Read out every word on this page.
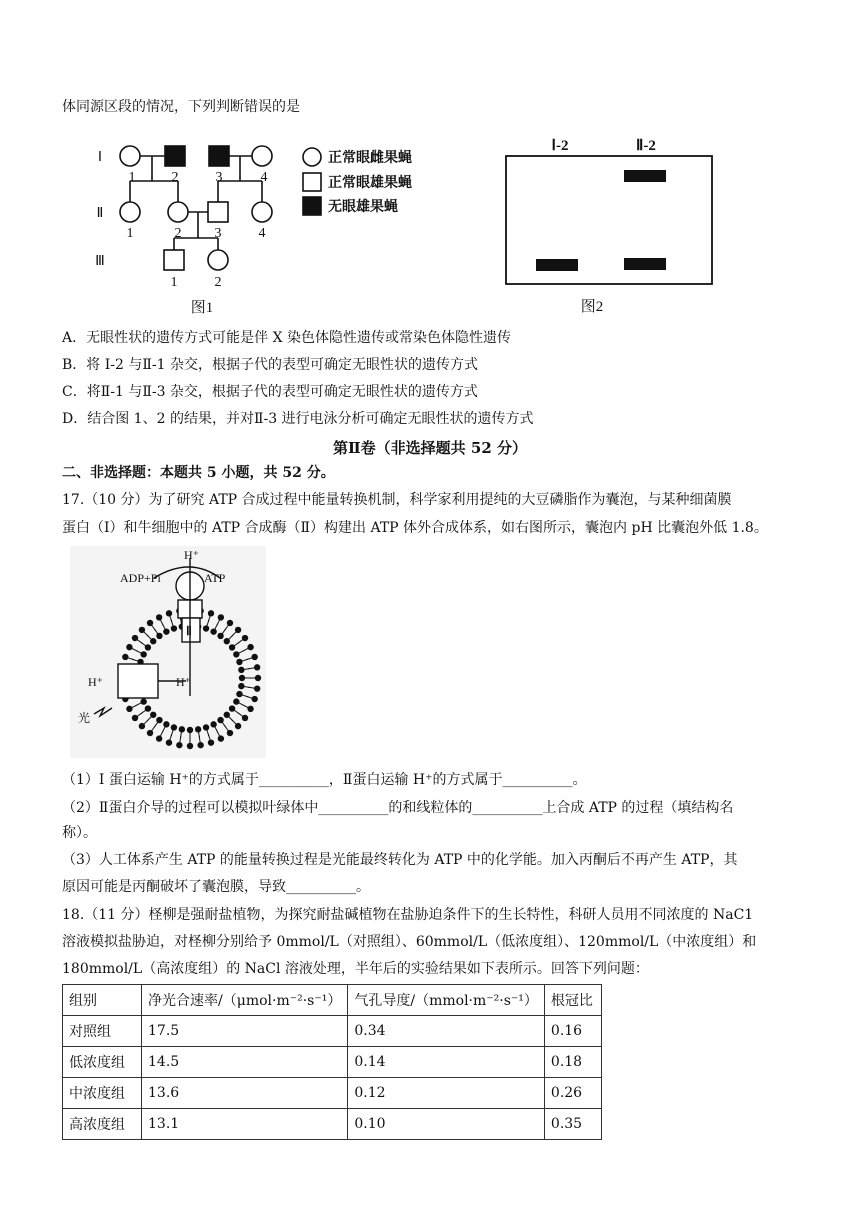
体同源区段的情况，下列判断错误的是
Ⅰ
Ⅱ
Ⅲ
1	2	3	4
1	2 3	4
1	2
图1
正常眼雌果蝇
正常眼雄果蝇
无眼雄果蝇
Ⅰ-2	Ⅱ-2
图2
A．无眼性状的遗传方式可能是伴 X 染色体隐性遗传或常染色体隐性遗传
B．将 I-2 与Ⅱ-1 杂交，根据子代的表型可确定无眼性状的遗传方式
C．将Ⅱ-1 与Ⅱ-3 杂交，根据子代的表型可确定无眼性状的遗传方式
D．结合图 1、2 的结果，并对Ⅱ-3 进行电泳分析可确定无眼性状的遗传方式
第Ⅱ卷（非选择题共 52 分）
二、非选择题：本题共 5 小题，共 52 分。
17.（10 分）为了研究 ATP 合成过程中能量转换机制，科学家利用提纯的大豆磷脂作为囊泡，与某种细菌膜
蛋白（I）和牛细胞中的 ATP 合成酶（Ⅱ）构建出 ATP 体外合成体系，如右图所示，囊泡内 pH 比囊泡外低 1.8。
H⁺
ADP+Pi	ATP
Ⅱ
H⁺	H⁺
光
（1）I 蛋白运输 H⁺的方式属于__________，Ⅱ蛋白运输 H⁺的方式属于__________。
（2）Ⅱ蛋白介导的过程可以模拟叶绿体中__________的和线粒体的__________上合成 ATP 的过程（填结构名
称）。
（3）人工体系产生 ATP 的能量转换过程是光能最终转化为 ATP 中的化学能。加入丙酮后不再产生 ATP，其
原因可能是丙酮破坏了囊泡膜，导致__________。
18.（11 分）柽柳是强耐盐植物，为探究耐盐碱植物在盐胁迫条件下的生长特性，科研人员用不同浓度的 NaC1
溶液模拟盐胁迫，对柽柳分别给予 0mmol/L（对照组）、60mmol/L（低浓度组）、120mmol/L（中浓度组）和
180mmol/L（高浓度组）的 NaCl 溶液处理，半年后的实验结果如下表所示。回答下列问题：
组别	净光合速率/（μmol·m⁻²·s⁻¹）	气孔导度/（mmol·m⁻²·s⁻¹）	根冠比
对照组	17.5	0.34	0.16
低浓度组	14.5	0.14	0.18
中浓度组	13.6	0.12	0.26
高浓度组	13.1	0.10	0.35
